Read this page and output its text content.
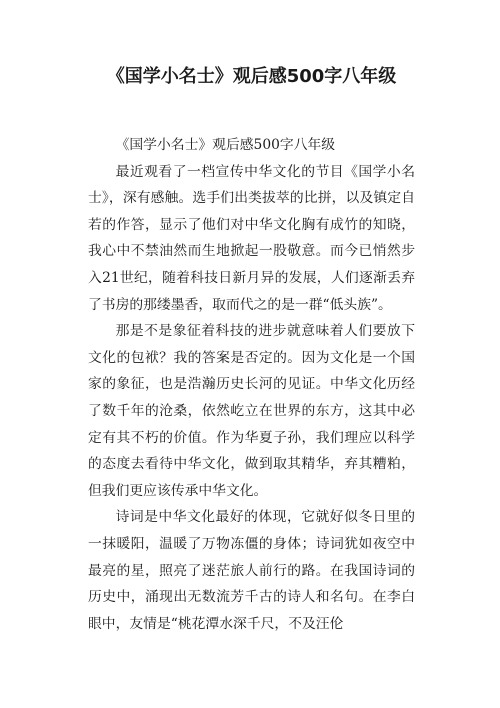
《国学小名士》观后感500字八年级

《国学小名士》观后感500字八年级

最近观看了一档宣传中华文化的节目《国学小名士》，深有感触。选手们出类拔萃的比拼，以及镇定自若的作答，显示了他们对中华文化胸有成竹的知晓，我心中不禁油然而生地掀起一股敬意。而今已悄然步入21世纪，随着科技日新月异的发展，人们逐渐丢弃了书房的那缕墨香，取而代之的是一群“低头族”。

那是不是象征着科技的进步就意味着人们要放下文化的包袱？我的答案是否定的。因为文化是一个国家的象征，也是浩瀚历史长河的见证。中华文化历经了数千年的沧桑，依然屹立在世界的东方，这其中必定有其不朽的价值。作为华夏子孙，我们理应以科学的态度去看待中华文化，做到取其精华，弃其糟粕，但我们更应该传承中华文化。

诗词是中华文化最好的体现，它就好似冬日里的一抹暖阳，温暖了万物冻僵的身体；诗词犹如夜空中最亮的星，照亮了迷茫旅人前行的路。在我国诗词的历史中，涌现出无数流芳千古的诗人和名句。在李白眼中，友情是“桃花潭水深千尺，不及汪伦
